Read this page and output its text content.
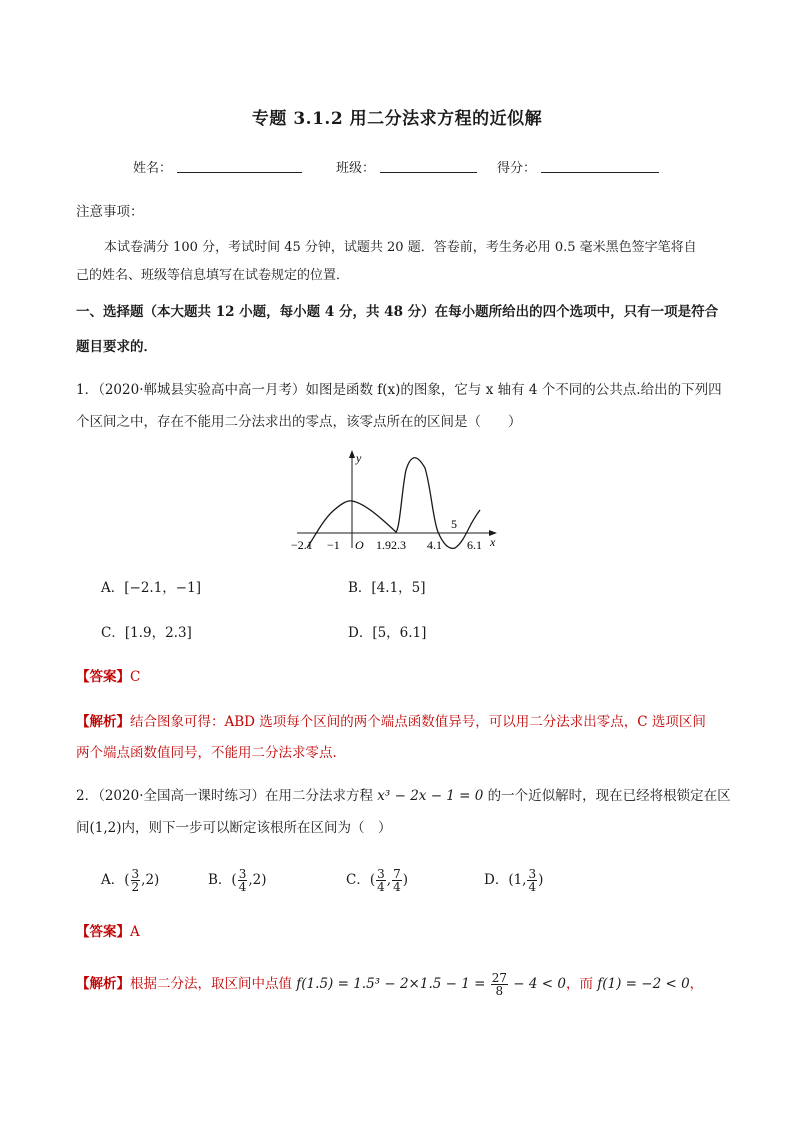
专题 3.1.2 用二分法求方程的近似解
姓名：	班级：	得分：
注意事项：
本试卷满分 100 分，考试时间 45 分钟，试题共 20 题．答卷前，考生务必用 0.5 毫米黑色签字笔将自
己的姓名、班级等信息填写在试卷规定的位置．
一、选择题（本大题共 12 小题，每小题 4 分，共 48 分）在每小题所给出的四个选项中，只有一项是符合
题目要求的．
1．（2020·郸城县实验高中高一月考）如图是函数 f(x)的图象，它与 x 轴有 4 个不同的公共点.给出的下列四
个区间之中，存在不能用二分法求出的零点，该零点所在的区间是（　　）
y
x
O
−2.1 −1	1.92.3 4.1
5
6.1
A．[−2.1，−1]	B．[4.1，5]
C．[1.9，2.3]	D．[5，6.1]
【答案】C
【解析】结合图象可得：ABD 选项每个区间的两个端点函数值异号，可以用二分法求出零点，C 选项区间
两个端点函数值同号，不能用二分法求零点.
2．（2020·全国高一课时练习）在用二分法求方程 x³ − 2x − 1 = 0 的一个近似解时，现在已经将根锁定在区
间(1,2)内，则下一步可以断定该根所在区间为（　）
A．( $\frac{3}{2} ,2$)	B．( $\frac{3}{4} ,2$)	C．( $\frac{3}{4}$ , $\frac{7}{4}$ )	D．(1, $\frac{3}{4}$ )
【答案】A
【解析】根据二分法，取区间中点值 $f(1.5) = 1.5^3 - 2\times 1.5 - 1 = \frac{27}{8} - 4 < 0$，而 f(1) = −2 < 0，
